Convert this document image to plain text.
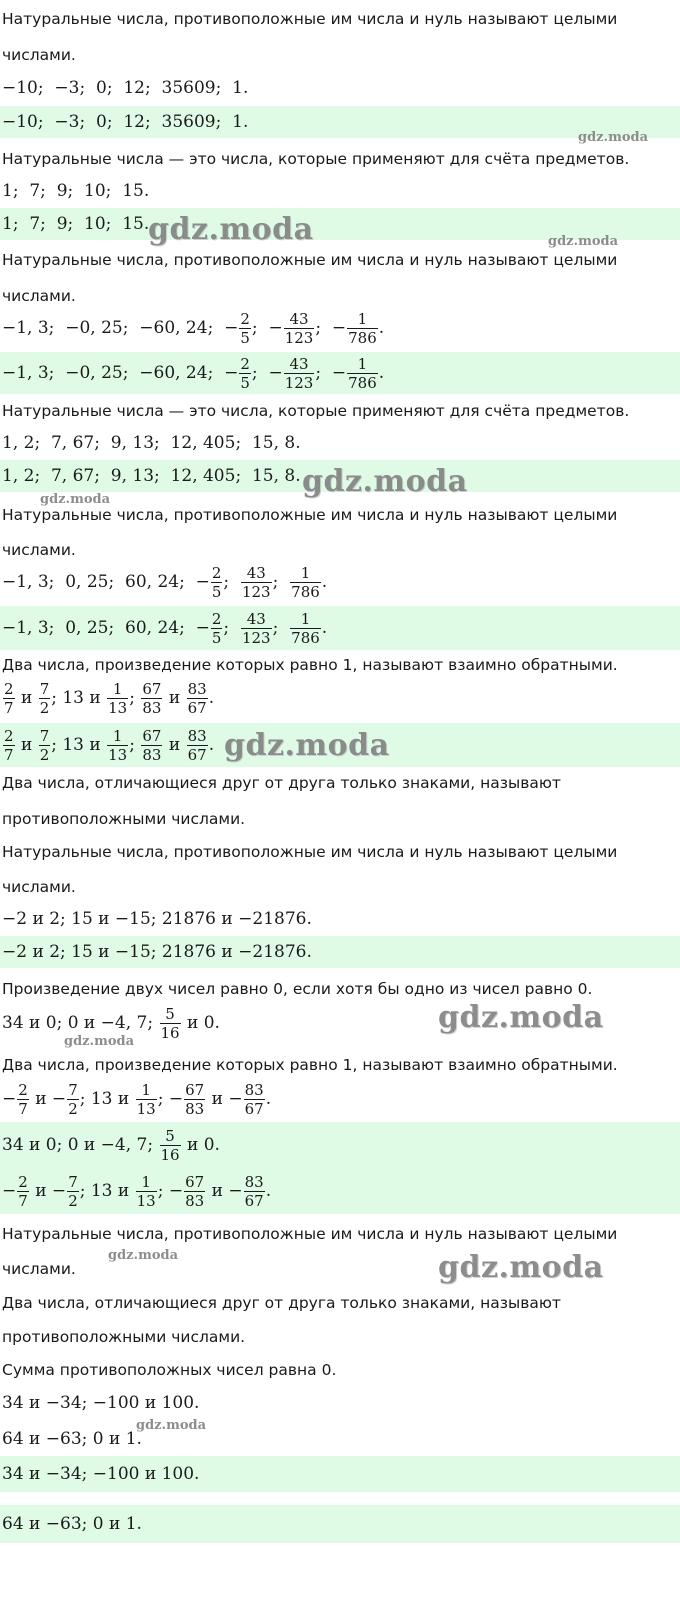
Натуральные числа, противоположные им числа и нуль называют целыми
числами.
−10;  −3;  0;  12;  35609;  1.
−10;  −3;  0;  12;  35609;  1.
Натуральные числа — это числа, которые применяют для счёта предметов.
1;  7;  9;  10;  15.
1;  7;  9;  10;  15.
Натуральные числа, противоположные им числа и нуль называют целыми
числами.
−1, 3;  −0, 25;  −60, 24;  − $\frac{2}{5}$ ;  − $\frac{43}{123}$ ;  − $\frac{1}{786}$ .
−1, 3;  −0, 25;  −60, 24;  − $\frac{2}{5}$ ;  − $\frac{43}{123}$ ;  − $\frac{1}{786}$ .
Натуральные числа — это числа, которые применяют для счёта предметов.
1, 2;  7, 67;  9, 13;  12, 405;  15, 8.
1, 2;  7, 67;  9, 13;  12, 405;  15, 8.
Натуральные числа, противоположные им числа и нуль называют целыми
числами.
−1, 3;  0, 25;  60, 24;  − $\frac{2}{5}$ ; $\frac{43}{123}$ ; $\frac{1}{786}$ .
−1, 3;  0, 25;  60, 24;  − $\frac{2}{5}$ ; $\frac{43}{123}$ ; $\frac{1}{786}$ .
Два числа, произведение которых равно 1, называют взаимно обратными.
$\frac{2}{7}$ и $\frac{7}{2}$ ; 13 и $\frac{1}{13}$ ; $\frac{67}{83}$ и $\frac{83}{67}$ .
$\frac{2}{7}$ и $\frac{7}{2}$ ; 13 и $\frac{1}{13}$ ; $\frac{67}{83}$ и $\frac{83}{67}$ .
Два числа, отличающиеся друг от друга только знаками, называют
противоположными числами.
Натуральные числа, противоположные им числа и нуль называют целыми
числами.
−2 и 2; 15 и −15; 21876 и −21876.
−2 и 2; 15 и −15; 21876 и −21876.
Произведение двух чисел равно 0, если хотя бы одно из чисел равно 0.
34 и 0; 0 и −4, 7; $\frac{5}{16}$ и 0.
Два числа, произведение которых равно 1, называют взаимно обратными.
− $\frac{2}{7}$ $и - \frac{7}{2}$ ; 13 и $\frac{1}{13}$ ; − $\frac{67}{83}$ $и - \frac{83}{67}$ .
34 и 0; 0 и −4, 7; $\frac{5}{16}$ и 0.
− $\frac{2}{7}$ $и - \frac{7}{2}$ ; 13 и $\frac{1}{13}$ ; − $\frac{67}{83}$ $и - \frac{83}{67}$ .
Натуральные числа, противоположные им числа и нуль называют целыми
числами.
Два числа, отличающиеся друг от друга только знаками, называют
противоположными числами.
Сумма противоположных чисел равна 0.
34 и −34; −100 и 100.
64 и −63; 0 и 1.
34 и −34; −100 и 100.
64 и −63; 0 и 1.
gdz.moda
gdz.moda	gdz.moda
gdz.moda
gdz.moda
gdz.moda
gdz.moda
gdz.moda
gdz.moda	gdz.moda
gdz.moda
